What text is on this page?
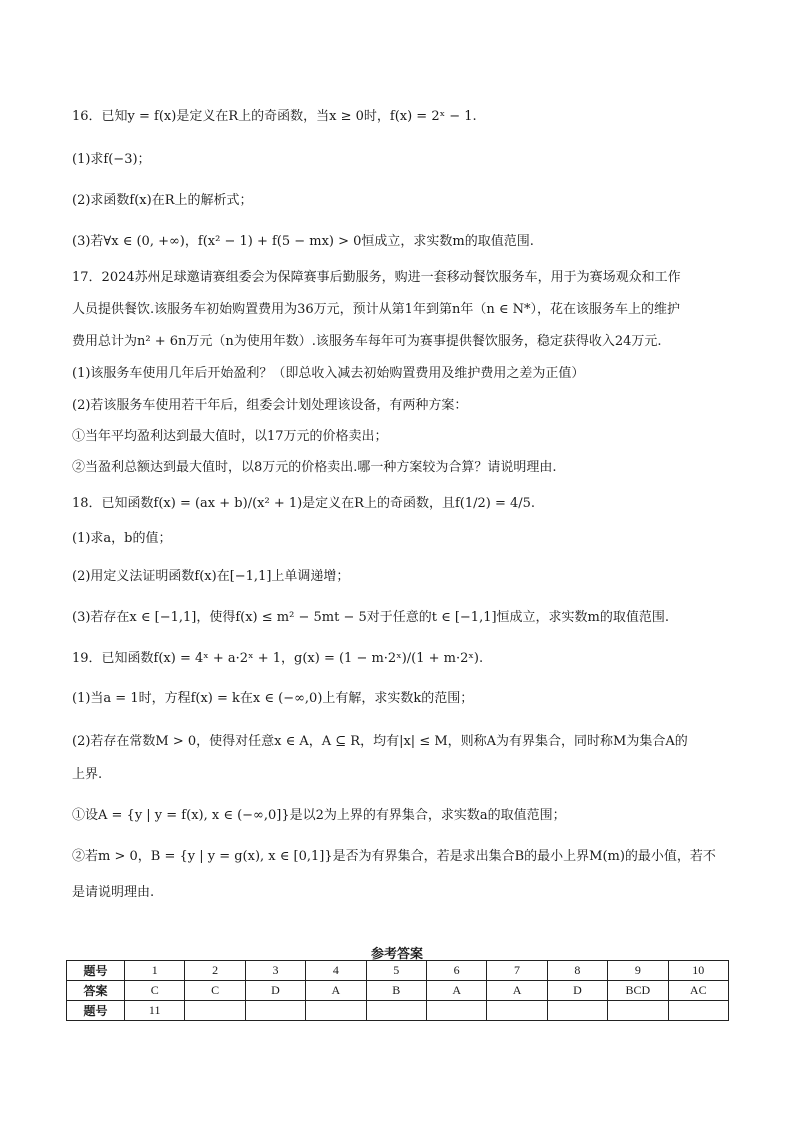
16．已知y = f(x)是定义在R上的奇函数，当x ≥ 0时，f(x) = 2ˣ − 1.
(1)求f(−3)；
(2)求函数f(x)在R上的解析式；
(3)若∀x ∈ (0, +∞)，f(x² − 1) + f(5 − mx) > 0恒成立，求实数m的取值范围.
17．2024苏州足球邀请赛组委会为保障赛事后勤服务，购进一套移动餐饮服务车，用于为赛场观众和工作
人员提供餐饮.该服务车初始购置费用为36万元，预计从第1年到第n年（n ∈ N*），花在该服务车上的维护
费用总计为n² + 6n万元（n为使用年数）.该服务车每年可为赛事提供餐饮服务，稳定获得收入24万元.
(1)该服务车使用几年后开始盈利？（即总收入减去初始购置费用及维护费用之差为正值）
(2)若该服务车使用若干年后，组委会计划处理该设备，有两种方案：
①当年平均盈利达到最大值时，以17万元的价格卖出；
②当盈利总额达到最大值时，以8万元的价格卖出.哪一种方案较为合算？请说明理由.
18．已知函数f(x) = (ax + b)/(x² + 1)是定义在R上的奇函数，且f(1/2) = 4/5.
(1)求a，b的值；
(2)用定义法证明函数f(x)在[−1,1]上单调递增；
(3)若存在x ∈ [−1,1]，使得f(x) ≤ m² − 5mt − 5对于任意的t ∈ [−1,1]恒成立，求实数m的取值范围.
19．已知函数f(x) = 4ˣ + a·2ˣ + 1，g(x) = (1 − m·2ˣ)/(1 + m·2ˣ).
(1)当a = 1时，方程f(x) = k在x ∈ (−∞,0)上有解，求实数k的范围；
(2)若存在常数M > 0，使得对任意x ∈ A，A ⊆ R，均有|x| ≤ M，则称A为有界集合，同时称M为集合A的
上界.
①设A = {y | y = f(x), x ∈ (−∞,0]}是以2为上界的有界集合，求实数a的取值范围；
②若m > 0，B = {y | y = g(x), x ∈ [0,1]}是否为有界集合，若是求出集合B的最小上界M(m)的最小值，若不
是请说明理由.
参考答案
题号	1	2	3	4	5	6	7	8	9	10
答案	C	C	D	A	B	A	A	D	BCD	AC
题号	11									
